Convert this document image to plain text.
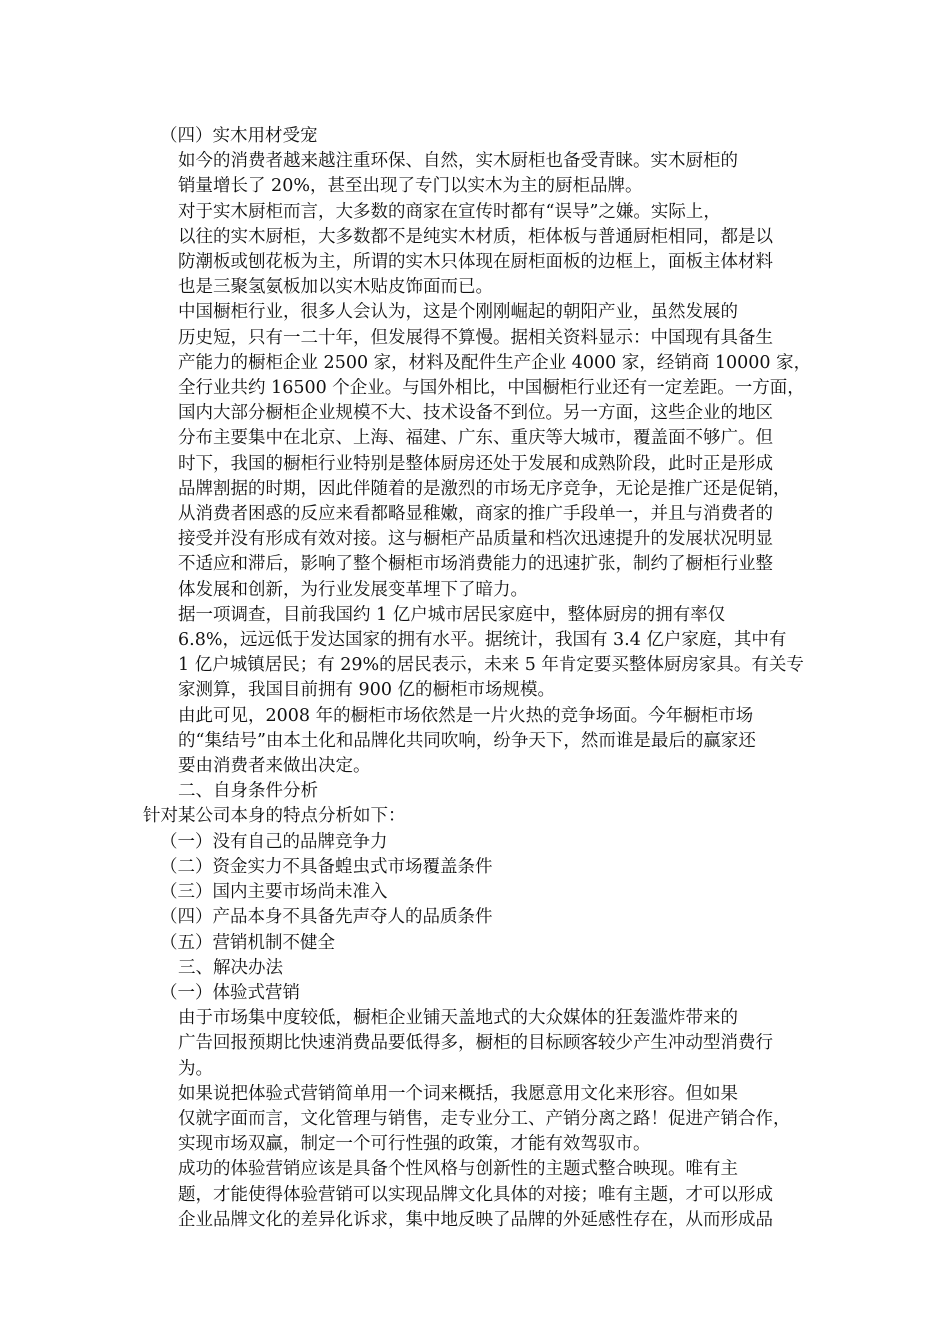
（四）实木用材受宠

如今的消费者越来越注重环保、自然，实木厨柜也备受青睐。实木厨柜的
销量增长了 20%，甚至出现了专门以实木为主的厨柜品牌。

对于实木厨柜而言，大多数的商家在宣传时都有“误导”之嫌。实际上，
以往的实木厨柜，大多数都不是纯实木材质，柜体板与普通厨柜相同，都是以
防潮板或刨花板为主，所谓的实木只体现在厨柜面板的边框上，面板主体材料
也是三聚氢氨板加以实木贴皮饰面而已。

中国橱柜行业，很多人会认为，这是个刚刚崛起的朝阳产业，虽然发展的
历史短，只有一二十年，但发展得不算慢。据相关资料显示：中国现有具备生
产能力的橱柜企业 2500 家，材料及配件生产企业 4000 家，经销商 10000 家，
全行业共约 16500 个企业。与国外相比，中国橱柜行业还有一定差距。一方面，
国内大部分橱柜企业规模不大、技术设备不到位。另一方面，这些企业的地区
分布主要集中在北京、上海、福建、广东、重庆等大城市，覆盖面不够广。但
时下，我国的橱柜行业特别是整体厨房还处于发展和成熟阶段，此时正是形成
品牌割据的时期，因此伴随着的是激烈的市场无序竞争，无论是推广还是促销，
从消费者困惑的反应来看都略显稚嫩，商家的推广手段单一，并且与消费者的
接受并没有形成有效对接。这与橱柜产品质量和档次迅速提升的发展状况明显
不适应和滞后，影响了整个橱柜市场消费能力的迅速扩张，制约了橱柜行业整
体发展和创新，为行业发展变革埋下了暗力。

据一项调查，目前我国约 1 亿户城市居民家庭中，整体厨房的拥有率仅
6.8%，远远低于发达国家的拥有水平。据统计，我国有 3.4 亿户家庭，其中有
1 亿户城镇居民；有 29%的居民表示，未来 5 年肯定要买整体厨房家具。有关专
家测算，我国目前拥有 900 亿的橱柜市场规模。

由此可见，2008 年的橱柜市场依然是一片火热的竞争场面。今年橱柜市场
的“集结号”由本土化和品牌化共同吹响，纷争天下，然而谁是最后的赢家还
要由消费者来做出决定。

二、自身条件分析

针对某公司本身的特点分析如下：

（一）没有自己的品牌竞争力

（二）资金实力不具备蝗虫式市场覆盖条件

（三）国内主要市场尚未准入

（四）产品本身不具备先声夺人的品质条件

（五）营销机制不健全

三、解决办法

（一）体验式营销

由于市场集中度较低，橱柜企业铺天盖地式的大众媒体的狂轰滥炸带来的
广告回报预期比快速消费品要低得多，橱柜的目标顾客较少产生冲动型消费行
为。

如果说把体验式营销简单用一个词来概括，我愿意用文化来形容。但如果
仅就字面而言，文化管理与销售，走专业分工、产销分离之路！促进产销合作，
实现市场双赢，制定一个可行性强的政策，才能有效驾驭市。

成功的体验营销应该是具备个性风格与创新性的主题式整合映现。唯有主
题，才能使得体验营销可以实现品牌文化具体的对接；唯有主题，才可以形成
企业品牌文化的差异化诉求，集中地反映了品牌的外延感性存在，从而形成品
